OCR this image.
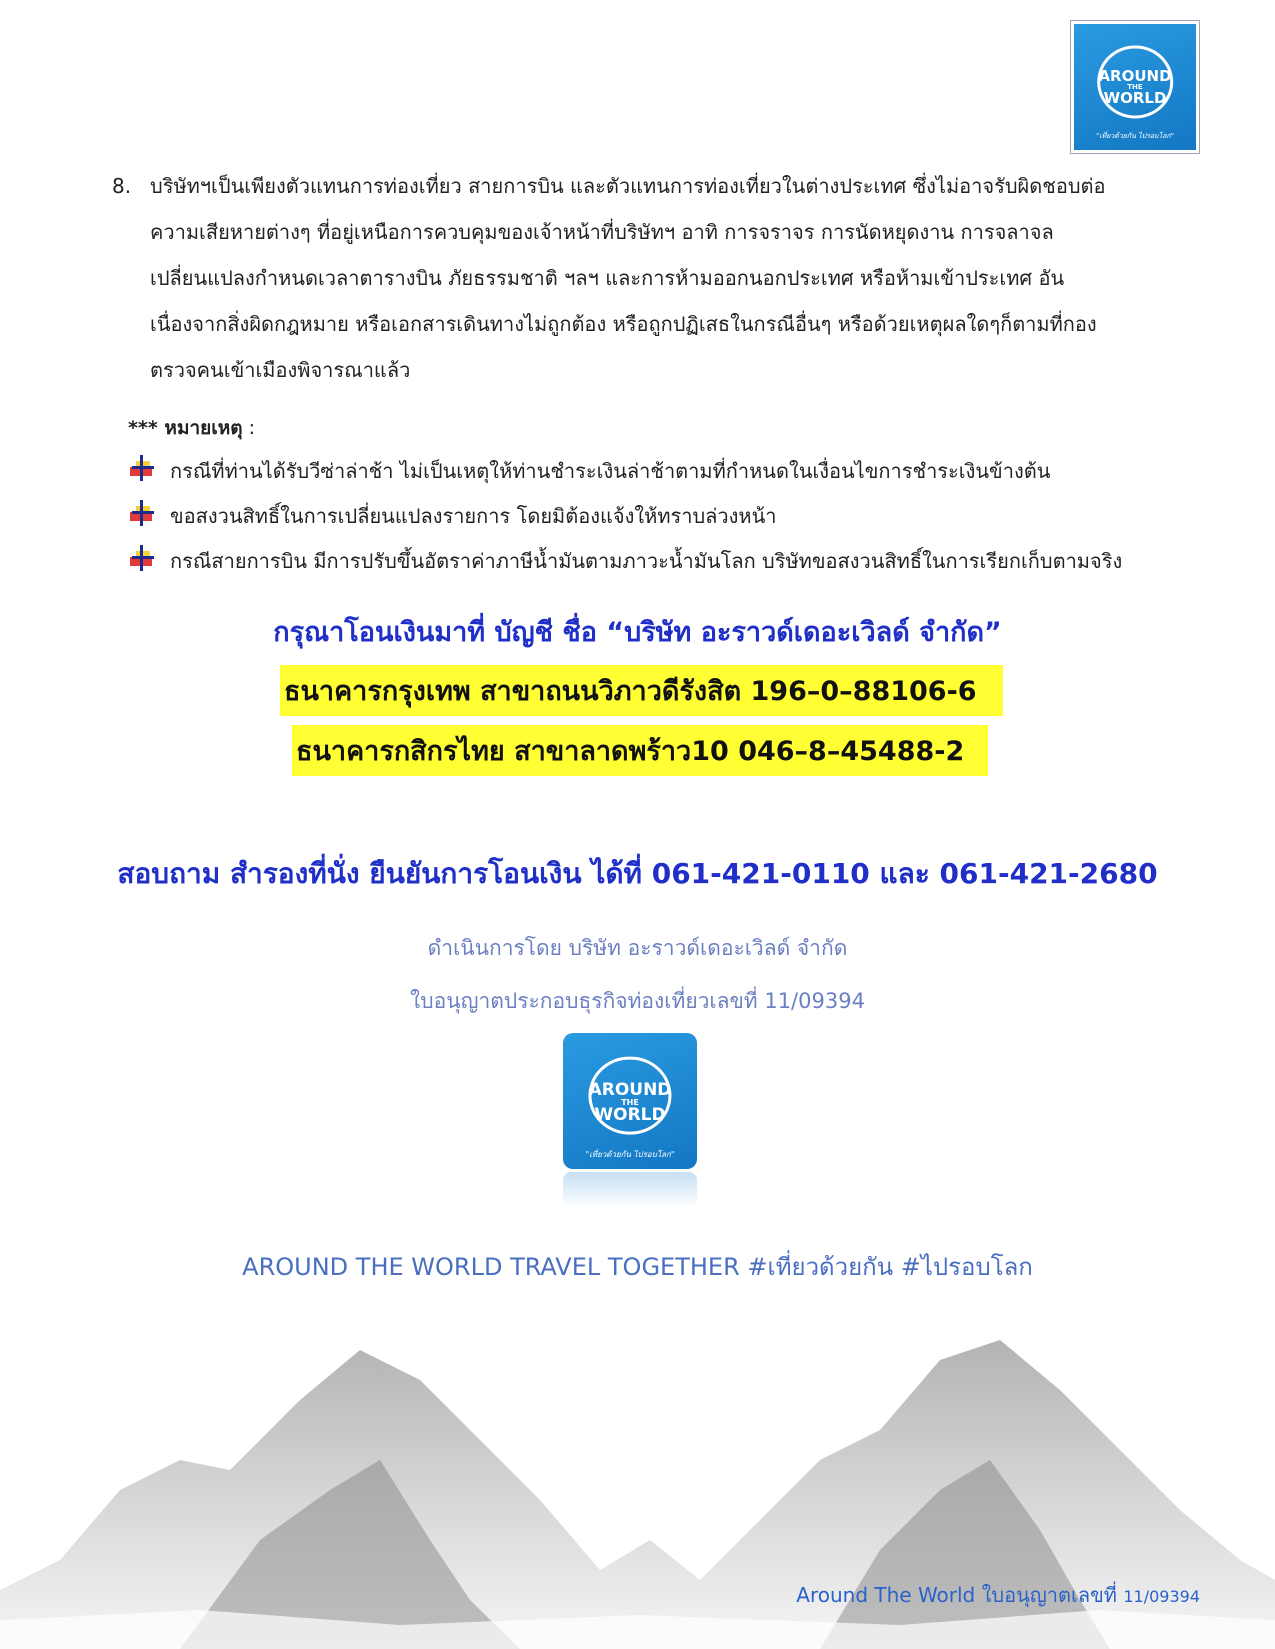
AROUND
THE
WORLD
"เที่ยวด้วยกัน ไปรอบโลก"
8. บริษัทฯเป็นเพียงตัวแทนการท่องเที่ยว สายการบิน และตัวแทนการท่องเที่ยวในต่างประเทศ ซึ่งไม่อาจรับผิดชอบต่อ
ความเสียหายต่างๆ ที่อยู่เหนือการควบคุมของเจ้าหน้าที่บริษัทฯ อาทิ การจราจร การนัดหยุดงาน การจลาจล
เปลี่ยนแปลงกำหนดเวลาตารางบิน ภัยธรรมชาติ ฯลฯ และการห้ามออกนอกประเทศ หรือห้ามเข้าประเทศ อัน
เนื่องจากสิ่งผิดกฎหมาย หรือเอกสารเดินทางไม่ถูกต้อง หรือถูกปฏิเสธในกรณีอื่นๆ หรือด้วยเหตุผลใดๆก็ตามที่กอง
ตรวจคนเข้าเมืองพิจารณาแล้ว
*** หมายเหตุ :
กรณีที่ท่านได้รับวีซ่าล่าช้า ไม่เป็นเหตุให้ท่านชำระเงินล่าช้าตามที่กำหนดในเงื่อนไขการชำระเงินข้างต้น
ขอสงวนสิทธิ์ในการเปลี่ยนแปลงรายการ โดยมิต้องแจ้งให้ทราบล่วงหน้า
กรณีสายการบิน มีการปรับขึ้นอัตราค่าภาษีน้ำมันตามภาวะน้ำมันโลก บริษัทขอสงวนสิทธิ์ในการเรียกเก็บตามจริง
กรุณาโอนเงินมาที่ บัญชี ชื่อ “บริษัท อะราวด์เดอะเวิลด์ จำกัด”
ธนาคารกรุงเทพ สาขาถนนวิภาวดีรังสิต 196–0–88106-6
ธนาคารกสิกรไทย สาขาลาดพร้าว10 046–8–45488-2
สอบถาม สำรองที่นั่ง ยืนยันการโอนเงิน ได้ที่ 061-421-0110 และ 061-421-2680
ดำเนินการโดย บริษัท อะราวด์เดอะเวิลด์ จำกัด
ใบอนุญาตประกอบธุรกิจท่องเที่ยวเลขที่ 11/09394
AROUND
THE
WORLD
"เที่ยวด้วยกัน ไปรอบโลก"
AROUND THE WORLD TRAVEL TOGETHER #เที่ยวด้วยกัน #ไปรอบโลก
Around The World ใบอนุญาตเลขที่ 11/09394
